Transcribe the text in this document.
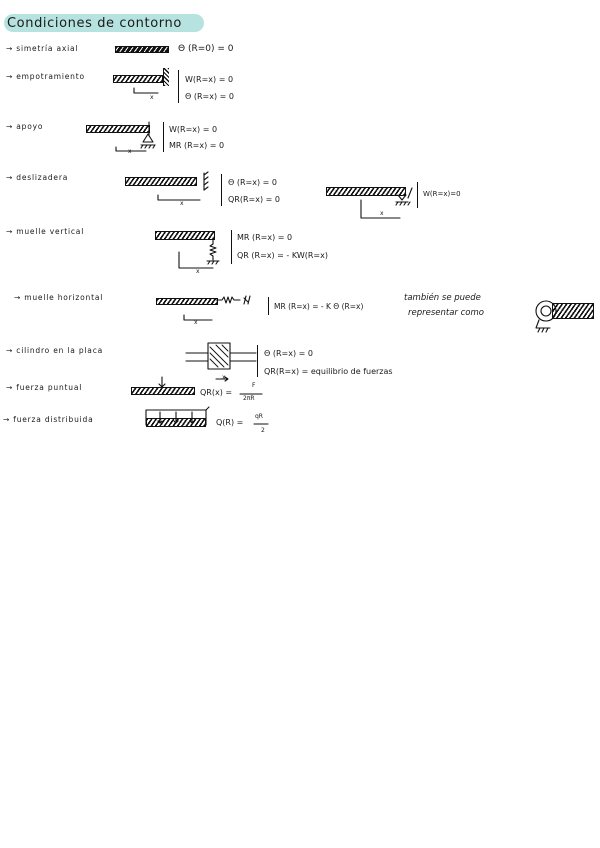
Condiciones de contorno
→ simetría axial	Θ (R=0) = 0
→ empotramiento
x
W(R=x) = 0
Θ (R=x) = 0
→ apoyo
x
W(R=x) = 0
MR (R=x) = 0
→ deslizadera
x
Θ (R=x) = 0
QR(R=x) = 0
x
W(R=x)=0
→ muelle vertical
x
MR (R=x) = 0
QR (R=x) = - KW(R=x)
→ muelle horizontal
x
MR (R=x) = - K Θ (R=x)
también se puede
representar como
→ cilindro en la placa
x
Θ (R=x) = 0
QR(R=x) = equilibrio de fuerzas
→ fuerza puntual
QR(x) =
F
2πR
→ fuerza distribuida	Q(R) =
qR
2
